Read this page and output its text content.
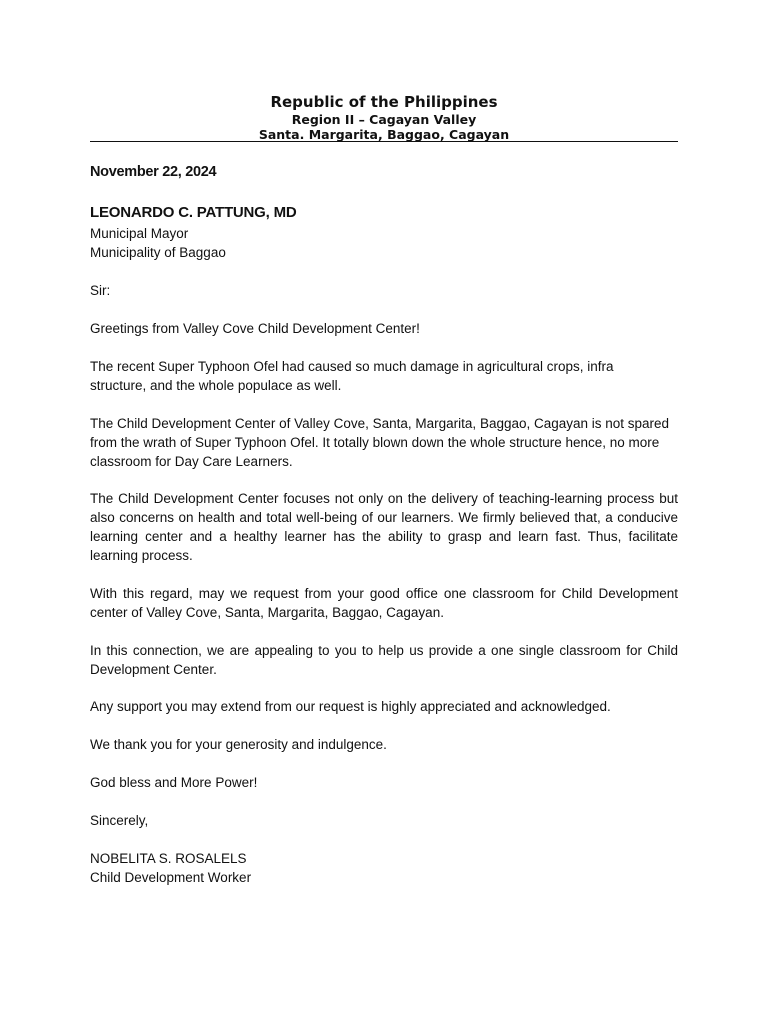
Republic of the Philippines
Region II – Cagayan Valley
Santa. Margarita, Baggao, Cagayan

November 22, 2024

LEONARDO C. PATTUNG, MD

Municipal Mayor

Municipality of Baggao

Sir:

Greetings from Valley Cove Child Development Center!

The recent Super Typhoon Ofel had caused so much damage in agricultural crops, infra structure, and the whole populace as well.

The Child Development Center of Valley Cove, Santa, Margarita, Baggao, Cagayan is not spared from the wrath of Super Typhoon Ofel. It totally blown down the whole structure hence, no more classroom for Day Care Learners.

The Child Development Center focuses not only on the delivery of teaching-learning process but also concerns on health and total well-being of our learners. We firmly believed that, a conducive learning center and a healthy learner has the ability to grasp and learn fast. Thus, facilitate learning process.

With this regard, may we request from your good office one classroom for Child Development center of Valley Cove, Santa, Margarita, Baggao, Cagayan.

In this connection, we are appealing to you to help us provide a one single classroom for Child Development Center.

Any support you may extend from our request is highly appreciated and acknowledged.

We thank you for your generosity and indulgence.

God bless and More Power!

Sincerely,

NOBELITA S. ROSALELS

Child Development Worker
